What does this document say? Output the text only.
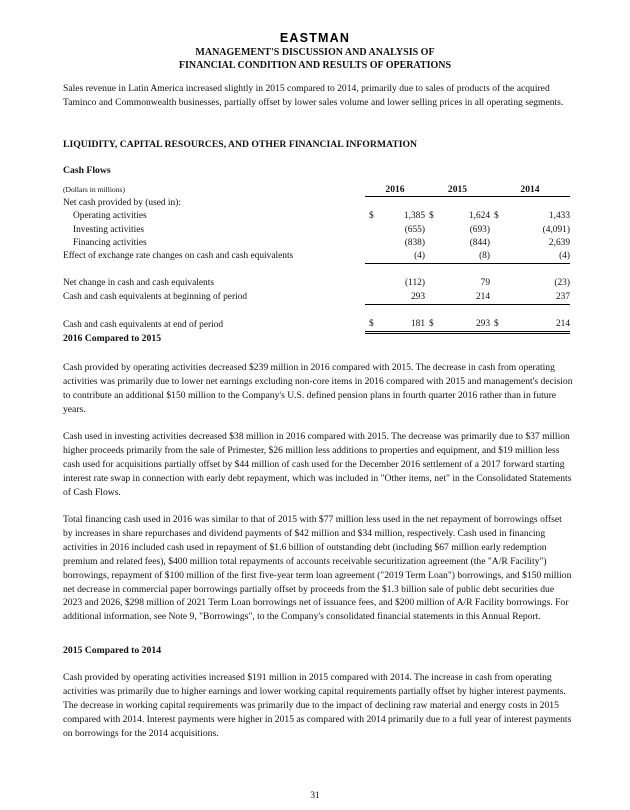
EASTMAN
MANAGEMENT'S DISCUSSION AND ANALYSIS OF
FINANCIAL CONDITION AND RESULTS OF OPERATIONS

Sales revenue in Latin America increased slightly in 2015 compared to 2014, primarily due to sales of products of the acquired Taminco and Commonwealth businesses, partially offset by lower sales volume and lower selling prices in all operating segments.

LIQUIDITY, CAPITAL RESOURCES, AND OTHER FINANCIAL INFORMATION
Cash Flows
(Dollars in millions)	2016		2015		2014	
Net cash provided by (used in):						
Operating activities	$	1,385	$	1,624	$	1,433
Investing activities		(655)		(693)		(4,091)
Financing activities		(838)		(844)		2,639
Effect of exchange rate changes on cash and cash equivalents		(4)		(8)		(4)

Net change in cash and cash equivalents		(112)		79		(23)
Cash and cash equivalents at beginning of period		293		214		237

Cash and cash equivalents at end of period	$	181	$	293	$	214
2016 Compared to 2015

Cash provided by operating activities decreased $239 million in 2016 compared with 2015. The decrease in cash from operating activities was primarily due to lower net earnings excluding non-core items in 2016 compared with 2015 and management's decision to contribute an additional $150 million to the Company's U.S. defined pension plans in fourth quarter 2016 rather than in future years.

Cash used in investing activities decreased $38 million in 2016 compared with 2015. The decrease was primarily due to $37 million higher proceeds primarily from the sale of Primester, $26 million less additions to properties and equipment, and $19 million less cash used for acquisitions partially offset by $44 million of cash used for the December 2016 settlement of a 2017 forward starting interest rate swap in connection with early debt repayment, which was included in "Other items, net" in the Consolidated Statements of Cash Flows.

Total financing cash used in 2016 was similar to that of 2015 with $77 million less used in the net repayment of borrowings offset by increases in share repurchases and dividend payments of $42 million and $34 million, respectively. Cash used in financing activities in 2016 included cash used in repayment of $1.6 billion of outstanding debt (including $67 million early redemption premium and related fees), $400 million total repayments of accounts receivable securitization agreement (the "A/R Facility") borrowings, repayment of $100 million of the first five-year term loan agreement ("2019 Term Loan") borrowings, and $150 million net decrease in commercial paper borrowings partially offset by proceeds from the $1.3 billion sale of public debt securities due 2023 and 2026, $298 million of 2021 Term Loan borrowings net of issuance fees, and $200 million of A/R Facility borrowings. For additional information, see Note 9, "Borrowings", to the Company's consolidated financial statements in this Annual Report.

2015 Compared to 2014

Cash provided by operating activities increased $191 million in 2015 compared with 2014. The increase in cash from operating activities was primarily due to higher earnings and lower working capital requirements partially offset by higher interest payments. The decrease in working capital requirements was primarily due to the impact of declining raw material and energy costs in 2015 compared with 2014. Interest payments were higher in 2015 as compared with 2014 primarily due to a full year of interest payments on borrowings for the 2014 acquisitions.

31
